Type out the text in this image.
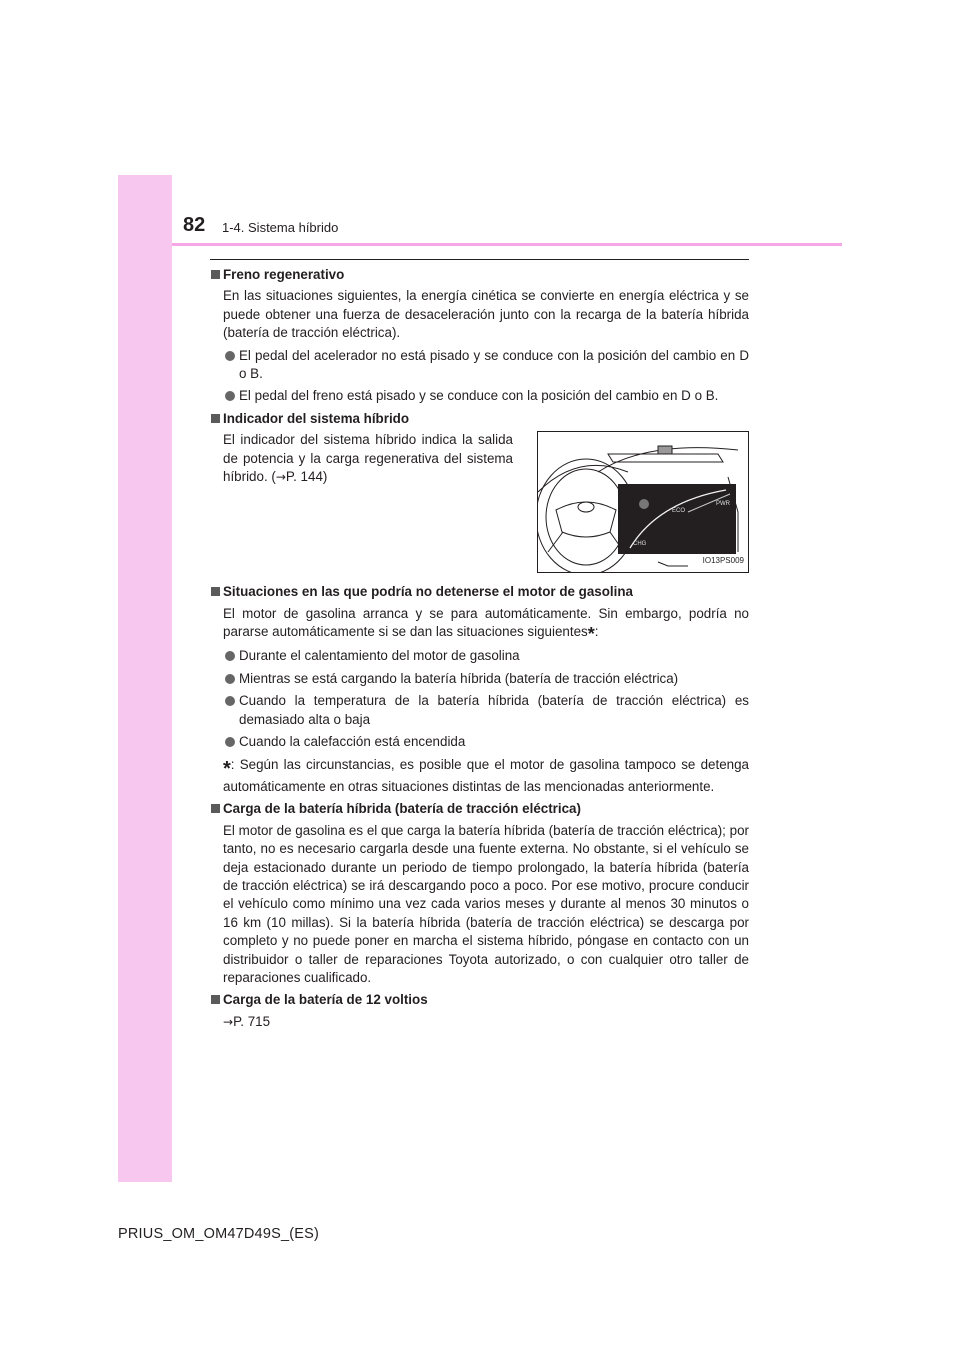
82 1-4. Sistema híbrido
Freno regenerativo
En las situaciones siguientes, la energía cinética se convierte en energía eléctrica y se puede obtener una fuerza de desaceleración junto con la recarga de la batería híbrida (batería de tracción eléctrica).
El pedal del acelerador no está pisado y se conduce con la posición del cambio en D o B.
El pedal del freno está pisado y se conduce con la posición del cambio en D o B.
Indicador del sistema híbrido
El indicador del sistema híbrido indica la salida de potencia y la carga regenerativa del sistema híbrido. (→P. 144)
PWR
ECO
CHG
IO13PS009
Situaciones en las que podría no detenerse el motor de gasolina
El motor de gasolina arranca y se para automáticamente. Sin embargo, podría no pararse automáticamente si se dan las situaciones siguientes*:
Durante el calentamiento del motor de gasolina
Mientras se está cargando la batería híbrida (batería de tracción eléctrica)
Cuando la temperatura de la batería híbrida (batería de tracción eléctrica) es demasiado alta o baja
Cuando la calefacción está encendida
*: Según las circunstancias, es posible que el motor de gasolina tampoco se detenga automáticamente en otras situaciones distintas de las mencionadas anteriormente.
Carga de la batería híbrida (batería de tracción eléctrica)
El motor de gasolina es el que carga la batería híbrida (batería de tracción eléctrica); por tanto, no es necesario cargarla desde una fuente externa. No obstante, si el vehículo se deja estacionado durante un periodo de tiempo prolongado, la batería híbrida (batería de tracción eléctrica) se irá descargando poco a poco. Por ese motivo, procure conducir el vehículo como mínimo una vez cada varios meses y durante al menos 30 minutos o 16 km (10 millas). Si la batería híbrida (batería de tracción eléctrica) se descarga por completo y no puede poner en marcha el sistema híbrido, póngase en contacto con un distribuidor o taller de reparaciones Toyota autorizado, o con cualquier otro taller de reparaciones cualificado.
Carga de la batería de 12 voltios
→P. 715
PRIUS_OM_OM47D49S_(ES)
